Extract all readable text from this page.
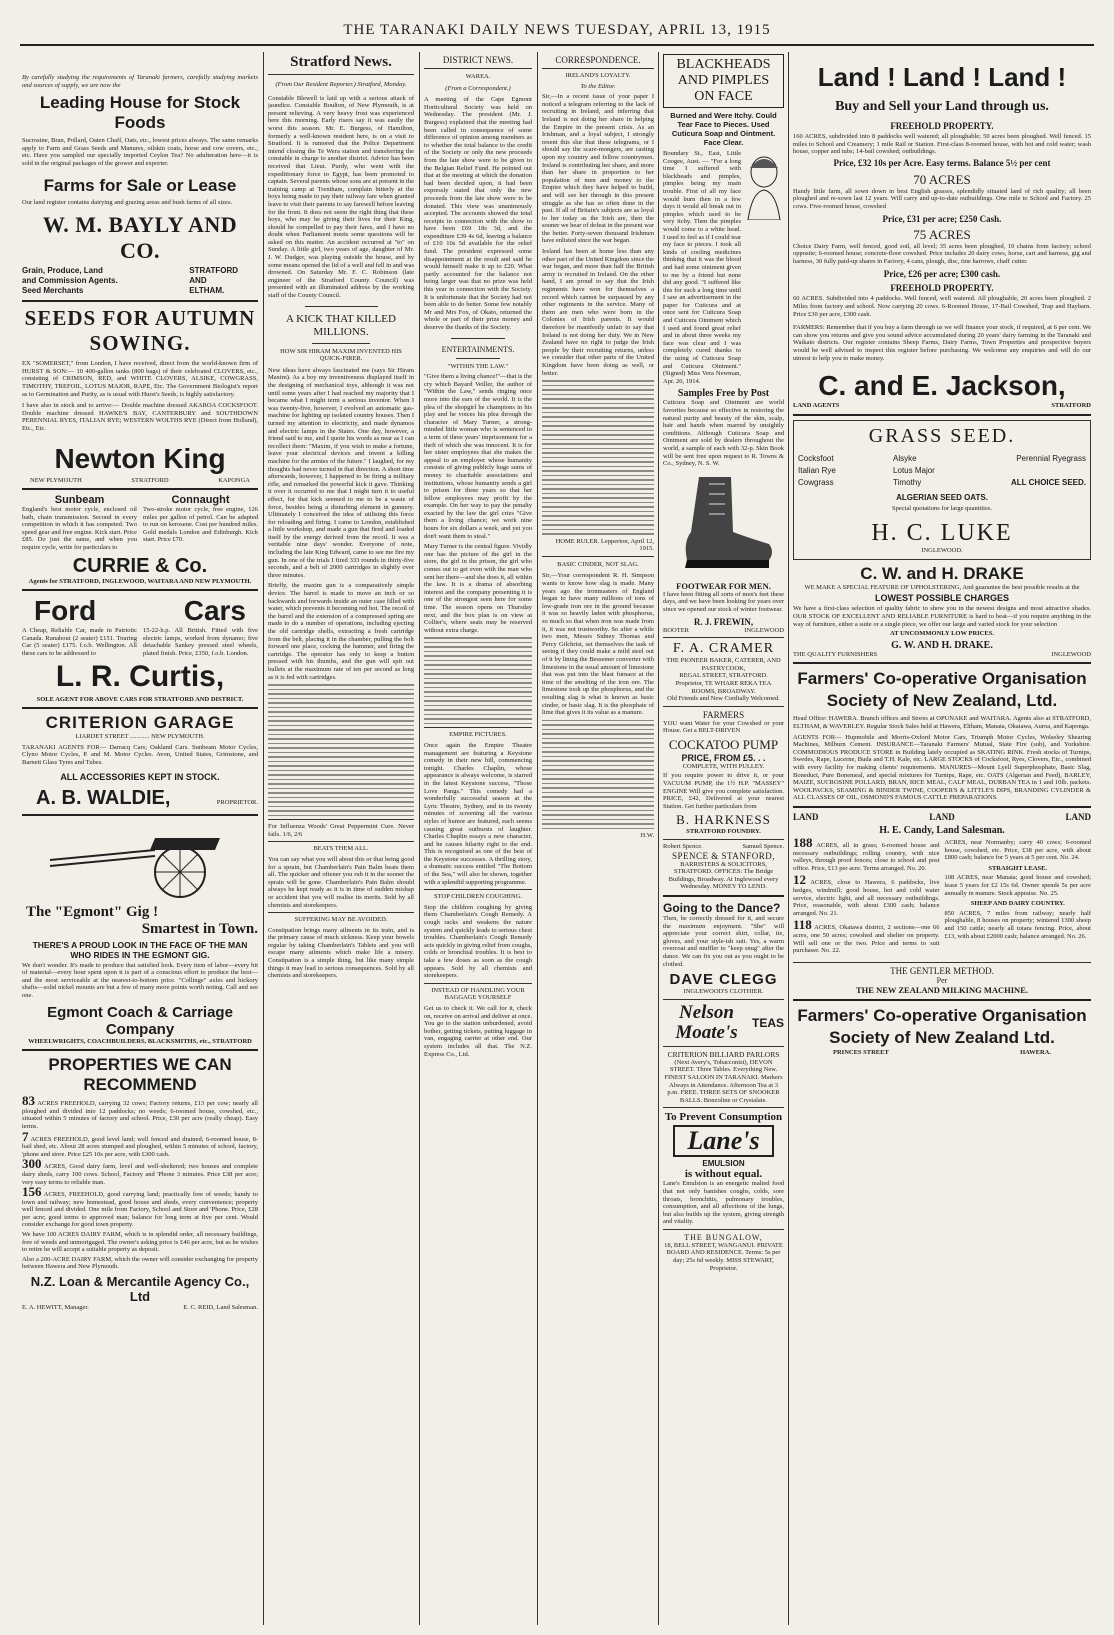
THE TARANAKI DAILY NEWS TUESDAY, APRIL 13, 1915
By carefully studying the requirements of Taranaki farmers, carefully studying markets and sources of supply, we are now the
Leading House for Stock Foods
Sucrosine, Bran, Pollard, Oaten Chaff, Oats, etc., lowest prices always. The same remarks apply to Farm and Grass Seeds and Manures, oilskin coats, horse and cow covers, etc., etc. Have you sampled our specially imported Ceylon Tea? No adulteration here—it is sold in the original packages of the grower and exporter.
Farms for Sale or Lease
Our land register contains dairying and grazing areas and bush farms of all sizes.
W. M. BAYLY AND CO.
Grain, Produce, Land
and Commission Agents.
Seed Merchants
STRATFORD
AND
ELTHAM.
SEEDS FOR AUTUMN SOWING.
EX "SOMERSET," from London, I have received, direct from the world-known firm of HURST & SON:— 10 400-gallon tanks (800 bags) of their celebrated CLOVERS, etc., consisting of CRIMSON, RED, and WHITE CLOVERS, ALSIKE, COWGRASS, TIMOTHY, TREFOIL, LOTUS MAJOR, RAPE, Etc. The Government Biologist's report as to Germination and Purity, as is usual with Hurst's Seeds, is highly satisfactory.
I have also in stock and to arrive:— Double machine dressed AKAROA COCKSFOOT. Double machine dressed HAWKE'S BAY, CANTERBURY and SOUTHDOWN PERENNIAL RYES, ITALIAN RYE; WESTERN WOLTHS RYE (Direct from Holland), Etc., Etc.
Newton King
NEW PLYMOUTH	STRATFORD	KAPONGA
Sunbeam
England's best motor cycle, enclosed oil bath, chain transmission. Second in every competition in which it has competed. Two speed gear and free engine. Kick start. Price £85. Do just the same, and when you require cycle, write for particulars to
Connaught
Two-stroke motor cycle, free engine, 126 miles per gallon of petrol. Can be adapted to run on kerosene. Cost per hundred miles. Gold medals London and Edinburgh. Kick start. Price £70.
CURRIE & Co.
Agents for STRATFORD, INGLEWOOD, WAITARA AND NEW PLYMOUTH.
Ford	Cars
A Cheap, Reliable Car, made in Patriotic Canada. Runabout (2 seater) £151. Touring Car (5 seater) £175. f.o.b. Wellington. All these cars to be addressed to
15-22-h.p. All British. Fitted with five electric lamps, worked from dynamo; five detachable Sankey pressed steel wheels, plated finish. Price, £350, f.o.b. London.
L. R. Curtis,
SOLE AGENT FOR ABOVE CARS FOR STRATFORD AND DISTRICT.
CRITERION GARAGE
LIARDET STREET ............ NEW PLYMOUTH.
TARANAKI AGENTS FOR— Darracq Cars; Oakland Cars. Sunbeam Motor Cycles, Clyno Motor Cycles, P. and M. Motor Cycles. Avon, United States, Grimstone, and Barnett Glass Tyres and Tubes.
ALL ACCESSORIES KEPT IN STOCK.
A. B. WALDIE,	PROPRIETOR.
The "Egmont" Gig !
Smartest in Town.
THERE'S A PROUD LOOK IN THE FACE OF THE MAN WHO RIDES IN THE EGMONT GIG.
We don't wonder. It's made to produce that satisfied look. Every item of labor—every bit of material—every hour spent upon it is part of a conscious effort to produce the best—and the most serviceable at the nearest-to-bottom price. "Collinge" axles and hickory shafts—solid nickel mounts are but a few of many more points worth noting. Call and see one.
Egmont Coach & Carriage Company
WHEELWRIGHTS, COACHBUILDERS, BLACKSMITHS, etc., STRATFORD
PROPERTIES WE CAN RECOMMEND
83 ACRES FREEHOLD, carrying 32 cows; Factory returns, £13 per cow; nearly all ploughed and divided into 12 paddocks; no weeds; 6-roomed house, cowshed, etc., situated within 5 minutes of factory and school. Price, £30 per acre (really cheap). Easy terms.
7 ACRES FREEHOLD, good level land; well fenced and drained; 6-roomed house, 8-bail shed, etc. About 28 acres stumped and ploughed, within 5 minutes of school, factory, 'phone and store. Price £25 10s per acre, with £300 cash.
300 ACRES, Good dairy farm, level and well-sheltered; two houses and complete dairy sheds, carry 100 cows. School, Factory and 'Phone 3 minutes. Price £38 per acre; very easy terms to reliable man.
156 ACRES, FREEHOLD, good carrying land; practically free of weeds; handy to town and railway; new homestead, good house and sheds, every convenience; property well fenced and divided. One mile from Factory, School and Store and 'Phone. Price, £28 per acre; good terms to approved man; balance for long term at five per cent. Would consider exchange for good town property.
We have 100 ACRES DAIRY FARM, which is in splendid order, all necessary buildings, free of weeds and unmortgaged. The owner's asking price is £46 per acre, but as he wishes to retire he will accept a suitable property as deposit.
Also a 200-ACRE DAIRY FARM, which the owner will consider exchanging for property between Hawera and New Plymouth.
N.Z. Loan & Mercantile Agency Co., Ltd
E. A. HEWITT, Manager.	E. C. REID, Land Salesman.
Stratford News.
(From Our Resident Reporter.) Stratford, Monday.
Constable Blewell is laid up with a serious attack of jaundice. Constable Boulton, of New Plymouth, is at present relieving. A very heavy frost was experienced here this morning. Early risers say it was easily the worst this season. Mr. E. Burgess, of Hamilton, formerly a well-known resident here, is on a visit to Stratford. It is rumored that the Police Department intend closing the Te Wera station and transferring the constable in charge to another district. Advice has been received that Lieut. Purdy, who went with the expeditionary force to Egypt, has been promoted to captain. Several parents whose sons are at present in the training camp at Trentham, complain bitterly at the boys being made to pay their railway fare when granted leave to visit their parents to say farewell before leaving for the front. It does not seem the right thing that these boys, who may be giving their lives for their King, should be compelled to pay their fares, and I have no doubt when Parliament meets some questions will be asked on this matter. An accident occurred at "to" on Sunday. A little girl, two years of age, daughter of Mr. J. W. Dudger, was playing outside the house, and by some means opened the lid of a well and fell in and was drowned. On Saturday Mr. F. C. Robinson (late engineer of the Stratford County Council) was presented with an illuminated address by the working staff of the County Council.
A KICK THAT KILLED MILLIONS.
HOW SIR HIRAM MAXIM INVENTED HIS QUICK-FIRER.
New ideas have always fascinated me (says Sir Hiram Maxim). As a boy my inventiveness displayed itself in the designing of mechanical toys, although it was not until some years after I had reached my majority that I became what I might term a serious inventor. When I was twenty-five, however, I evolved an automatic gas-machine for lighting up isolated country houses. Then I turned my attention to electricity, and made dynamos and electric lamps in the States. One day, however, a friend said to me, and I quote his words as near as I can recollect them: "Maxim, if you wish to make a fortune, leave your electrical devices and invent a killing machine for the armies of the future." I laughed, for my thoughts had never turned in that direction. A short time afterwards, however, I happened to be firing a military rifle, and remarked the powerful kick it gave. Thinking it over it occurred to me that I might turn it to useful effect, for that kick seemed to me to be a waste of force, besides being a disturbing element in gunnery. Ultimately I conceived the idea of utilising this force for reloading and firing. I came to London, established a little workshop, and made a gun that fired and loaded itself by the energy derived from the recoil. It was a veritable nine days' wonder. Everyone of note, including the late King Edward, came to see me fire my gun. In one of the trials I fired 333 rounds in thirty-five seconds, and a belt of 2000 cartridges in slightly over three minutes.
Briefly, the maxim gun is a comparatively simple device. The barrel is made to move an inch or so backwards and forwards inside an outer case filled with water, which prevents it becoming red hot. The recoil of the barrel and the extension of a compressed spring are made to do a number of operations, including ejecting the old cartridge shells, extracting a fresh cartridge from the belt, placing it in the chamber, pulling the bolt forward one place, cocking the hammer, and firing the cartridge. The operator has only to keep a button pressed with his thumbs, and the gun will spit out bullets at the maximum rate of ten per second as long as it is fed with cartridges.
For Influenza Woods' Great Peppermint Cure. Never fails. 1/6, 2/6
BEATS THEM ALL.
You can say what you will about this or that being good for a sprain, but Chamberlain's Pain Balm beats them all. The quicker and oftener you rub it in the sooner the sprain will be gone. Chamberlain's Pain Balm should always be kept ready as it is in time of sudden mishap or accident that you will realise its merits. Sold by all chemists and storekeepers.
SUFFERING MAY BE AVOIDED.
Constipation brings many ailments in its train, and is the primary cause of much sickness. Keep your bowels regular by taking Chamberlain's Tablets and you will escape many ailments which make life a misery. Constipation is a simple thing, but like many simple things it may lead to serious consequences. Sold by all chemists and storekeepers.
DISTRICT NEWS.
WAREA.
(From a Correspondent.)
A meeting of the Cape Egmont Horticultural Society was held on Wednesday. The president (Mr. J. Burgess) explained that the meeting had been called in consequence of some difference of opinion among members as to whether the total balance to the credit of the Society or only the new proceeds from the late show were to be given to the Belgian Relief Fund. He pointed out that at the meeting at which the donation had been decided upon, it had been expressly stated that only the new proceeds from the late show were to be donated. This view was unanimously accepted. The accounts showed the total receipts in connection with the show to have been £69 18s 3d, and the expenditure £39 4s 6d, leaving a balance of £10 10s 5d available for the relief fund. The president expressed some disappointment at the result and said he would himself make it up to £20. What partly accounted for the balance not being larger was that no prize was held this year in connection with the Society. It is unfortunate that the Society had not been able to do better. Some few notably Mr and Mrs Fox, of Okato, returned the whole or part of their prize money and deserve the thanks of the Society.
ENTERTAINMENTS.
"WITHIN THE LAW."
"Give them a living chance!"—that is the cry which Bayard Veiller, the author of "Within the Law," sends ringing once more into the ears of the world. It is the plea of the shopgirl he champions in his play and he voices his plea through the character of Mary Turner, a strong-minded little woman who is sentenced to a term of three years' imprisonment for a theft of which she was innocent. It is for her sister employees that she makes the appeal to an employer whose humanity consists of giving publicly huge sums of money to charitable associations and institutions, whose humanity sends a girl to prison for three years so that her fellow employees may profit by the example. On her way to pay the penalty exacted by the law the girl cries "Give them a living chance; we work nine hours for six dollars a week, and yet you don't want them to steal."
Mary Turner is the central figure. Vividly one has the picture of the girl in the store, the girl in the prison, the girl who comes out to get even with the man who sent her there—and she does it, all within the law. It is a drama of absorbing interest and the company presenting it is one of the strongest seen here for some time. The season opens on Thursday next, and the box plan is on view at Collier's, where seats may be reserved without extra charge.
EMPIRE PICTURES.
Once again the Empire Theatre management are featuring a Keystone comedy in their new bill, commencing tonight. Charles Chaplin, whose appearance is always welcome, is starred in the latest Keystone success, "Those Love Pangs." This comedy had a wonderfully successful season at the Lyric Theatre, Sydney, and in its twenty minutes of screening all the various styles of humor are featured, each seems causing great outbursts of laughter. Charles Chaplin essays a new character, and he causes hilarity right to the end. This is recognised as one of the best of the Keystone successes. A thrilling story, a dramatic success entitled "The Bottom of the Sea," will also be shown, together with a splendid supporting programme.
STOP CHILDREN COUGHING.
Stop the children coughing by giving them Chamberlain's Cough Remedy. A cough racks and weakens the nature system and quickly leads to serious chest troubles. Chamberlain's Cough Remedy acts quickly in giving relief from coughs, colds or bronchial troubles. It is best to take a few doses as soon as the cough appears. Sold by all chemists and storekeepers.
INSTEAD OF HANDLING YOUR BAGGAGE YOURSELF
Get us to check it. We call for it, check on, receive on arrival and deliver at once. You go to the station unburdened, avoid bother, getting tickets, putting luggage in van, engaging carrier at other end. Our system includes all that. The N.Z. Express Co., Ltd.
CORRESPONDENCE.
IRELAND'S LOYALTY.
To the Editor.
Sir,—In a recent issue of your paper I noticed a telegram referring to the lack of recruiting in Ireland, and inferring that Ireland is not doing her share in helping the Empire in the present crisis. As an Irishman, and a loyal subject, I strongly resent this slur that these telegrams, or I should say the scare-mongers, are casting upon my country and fellow countrymen. Ireland is contributing her share, and more than her share in proportion to her population of men and money to the Empire which they have helped to build, and will see her through in this present struggle as she has so often done in the past. If all of Britain's subjects are as loyal to her today as the Irish are, then the sooner we hear of defeat in the present war the better. Forty-seven thousand Irishmen have enlisted since the war began.
Ireland has been at home less than any other part of the United Kingdom since the war began, and more than half the British army is recruited in Ireland. On the other hand, I am proud to say that the Irish regiments have won for themselves a record which cannot be surpassed by any other regiments in the service. Many of them are men who were born in the Colonies of Irish parents. It would therefore be manifestly unfair to say that Ireland is not doing her duty. We in New Zealand have no right to judge the Irish people by their recruiting returns, unless we consider that other parts of the United Kingdom have been doing as well, or better.
HOME RULER. Lepperton, April 12, 1915.
BASIC CINDER, NOT SLAG.
Sir,—Your correspondent R. H. Simpson wants to know how slag is made. Many years ago the ironmasters of England began to have many millions of tons of low-grade iron ore in the ground because it was so heavily laden with phosphorus, so much so that when iron was made from it, it was not trustworthy. So after a while two men, Messrs Sidney Thomas and Percy Gilchrist, set themselves the task of seeing if they could make a mild steel out of it by lining the Bessemer converter with limestone in the usual amount of limestone that was put into the blast furnace at the time of the smelting of the iron ore. The limestone took up the phosphorus, and the resulting slag is what is known as basic cinder, or basic slag. It is the phosphate of lime that gives it its value as a manure.
H.W.
BLACKHEADS AND PIMPLES ON FACE
Burned and Were Itchy. Could Tear Face to Pieces. Used Cuticura Soap and Ointment. Face Clear.
Boundary St., East, Little Coogee, Aust. — "For a long time I suffered with blackheads and pimples, pimples being my main trouble. First of all my face would burn then in a few days it would all break out in pimples which used to be very itchy. Then the pimples would come to a white head. I used to feel as if I could tear my face to pieces. I took all kinds of cooling medicines thinking that it was the blood and had some ointment given to me by a friend but none did any good. "I suffered like this for such a long time until I saw an advertisement in the paper for Cuticura and at once sent for Cuticura Soap and Cuticura Ointment which I used and found great relief and in about three weeks my face was clear and I was completely cured thanks to the using of Cuticura Soap and Cuticura Ointment." (Signed) Miss Vera Newman, Apr. 20, 1914.
Samples Free by Post
Cuticura Soap and Ointment are world favorites because so effective in restoring the natural purity and beauty of the skin, scalp, hair and hands when marred by unsightly conditions. Although Cuticura Soap and Ointment are sold by dealers throughout the world, a sample of each with 32-p. Skin Book will be sent free upon request to R. Towns & Co., Sydney, N. S. W.
FOOTWEAR FOR MEN.
I have been fitting all sorts of men's feet these days, and we have been looking for years over since we opened our stock of winter footwear.
R. J. FREWIN,
BOOTER	INGLEWOOD
F. A. CRAMER
THE PIONEER BAKER, CATERER, AND PASTRYCOOK,
REGAL STREET, STRATFORD.
Proprietor, TE WHARE REKA TEA ROOMS, BROADWAY.
Old Friends and New Cordially Welcomed.
FARMERS
YOU want Water for your Cowshed or your House. Get a BELT-DRIVEN
COCKATOO PUMP
PRICE, FROM £5. . .
COMPLETE, WITH PULLEY.
If you require power to drive it, or your VACUUM PUMP, the 1½ H.P. "MASSEY" ENGINE Will give you complete satisfaction. PRICE, £42, Delivered at your nearest Station. Get further particulars from
B. HARKNESS
STRATFORD FOUNDRY.
Robert Spence.	Samuel Spence.
SPENCE & STANFORD,
BARRISTERS & SOLICITORS, STRATFORD. OFFICES: The Bridge Buildings, Broadway. At Inglewood every Wednesday. MONEY TO LEND.
Going to the Dance?
Then, be correctly dressed for it, and secure the maximum enjoyment. "She" will appreciate your correct shirt, collar, tie, gloves, and your style-ish suit. Yes, a warm overcoat and muffler to "keep snug" after the dance. We can fix you out as you ought to be clothed.
DAVE CLEGG
INGLEWOOD'S CLOTHIER.
Nelson Moate's	TEAS
CRITERION BILLIARD PARLORS
(Next Avery's, Tobacconist), DEVON STREET. Three Tables. Everything New. FINEST SALOON IN TARANAKI. Markers Always in Attendance. Afternoon Tea at 3 p.m. FREE. THREE SETS OF SNOOKER BALLS. Bonzoline or Crystalate.
To Prevent Consumption
Lane's
EMULSION
is without equal.
Lane's Emulsion is an energetic malted food that not only banishes coughs, colds, sore throats, bronchitis, pulmonary troubles, consumption, and all affections of the lungs, but also builds up the system, giving strength and vitality.
THE BUNGALOW,
18, BELL STREET, WANGANUI. PRIVATE BOARD AND RESIDENCE. Terms: 5s per day; 25s 6d weekly. MISS STEWART, Proprietor.
Land ! Land ! Land !
Buy and Sell your Land through us.
FREEHOLD PROPERTY.
160 ACRES, subdivided into 8 paddocks well watered; all ploughable; 50 acres been ploughed. Well fenced. 15 miles to School and Creamery; 1 mile Rail or Station. First-class 8-roomed house, with hot and cold water; wash house, copper and tubs; 14-bail cowshed; outbuildings.
Price, £32 10s per Acre. Easy terms. Balance 5½ per cent
70 ACRES
Handy little farm, all sown down in best English grasses, splendidly situated land of rich quality; all been ploughed and re-sown last 12 years. Will carry and up-to-date outbuildings. One mile to School and Factory. 25 cows. Five-roomed house, cowshed
Price, £31 per acre; £250 Cash.
75 ACRES
Choice Dairy Farm, well fenced, good soil, all level; 35 acres been ploughed, 10 chains from factory; school opposite; 6-roomed house; concrete-floor cowshed. Price includes 20 dairy cows, horse, cart and harness, gig and harness, 30 fully paid-up shares in Factory, 4 cans, plough, disc, tine harrows, chaff cutter.
Price, £26 per acre; £300 cash.
FREEHOLD PROPERTY.
60 ACRES. Subdivided into 4 paddocks. Well fenced, well watered. All ploughable, 20 acres been ploughed. 2 Miles from factory and school. Now carrying 20 cows. 6-Roomed House, 17-Bail Cowshed, Trap and Haybarn. Price £30 per acre, £300 cash.
FARMERS: Remember that if you buy a farm through us we will finance your stock, if required, at 6 per cent. We can show you returns and give you sound advice accumulated during 20 years' dairy farming in the Taranaki and Waikato districts. Our register contains Sheep Farms, Dairy Farms, Town Properties and prospective buyers would be well advised to inspect this register before purchasing. We welcome any enquiries and will do our utmost to help you to make money.
C. and E. Jackson,
LAND AGENTS	STRATFORD
GRASS SEED.
Cocksfoot	Alsyke	Perennial Ryegrass
Italian Rye	Lotus Major
Cowgrass	Timothy	ALL CHOICE SEED.
ALGERIAN SEED OATS.
Special quotations for large quantities.
H. C. LUKE
INGLEWOOD.
C. W. and H. DRAKE
WE MAKE A SPECIAL FEATURE OF UPHOLSTERING, And guarantee the best possible results at the
LOWEST POSSIBLE CHARGES
We have a first-class selection of quality fabric to show you in the newest designs and most attractive shades. OUR STOCK OF EXCELLENT AND RELIABLE FURNITURE is hard to beat—if you require anything in the way of furniture, either a suite or a single piece, we offer our large and varied stock for your selection
AT UNCOMMONLY LOW PRICES.
G. W. AND H. DRAKE.
THE QUALITY FURNISHERS	INGLEWOOD
Farmers' Co-operative Organisation Society of New Zealand, Ltd.
Head Office: HAWERA. Branch offices and Stores at OPUNAKE and WAITARA. Agents also at STRATFORD, ELTHAM, & WAVERLEY. Regular Stock Sales held at Hawera, Eltham, Manaia, Okaiawa, Auroa, and Kaponga.
AGENTS FOR— Hupmobile and Morris-Oxford Motor Cars, Triumph Motor Cycles, Wolseley Shearing Machines, Milburn Cement. INSURANCE—Taranaki Farmers' Mutual, State Fire (sub), and Yorkshire. COMMODIOUS PRODUCE STORE in Building lately occupied as SKATING RINK. Fresh stocks of Turnips, Swedes, Rape, Lucerne, Buda and T.H. Kale, etc. LARGE STOCKS of Cocksfoot, Ryes, Clovers, Etc., combined with every facility for making clients' requirements. MANURES—Mount Lyell Superphosphate, Basic Slag, Boneduct, Pure Bonemeal, and special mixtures for Turnips, Rape, etc. OATS (Algerian and Feed), BARLEY, MAIZE, SUCROSINE POLLARD, BRAN, RICE MEAL, CALF MEAL, DURBAN TEA in 1 and 10lb. packets. WOOLPACKS, SEAMING & BINDER TWINE, COOPER'S & LITTLE'S DIPS, BRANDING CYLINDER & ALL CLASSES OF OIL, OSMOND'S FAMOUS CATTLE PREPARATIONS.
LAND	LAND	LAND
H. E. Candy, Land Salesman.
188 ACRES, all in grass; 6-roomed house and necessary outbuildings; rolling country, with nice valleys, through proof fences; close to school and post office. Price, £13 per acre. Terms arranged. No. 20.
12 ACRES, close to Hawera, 6 paddocks, live hedges, windmill; good house, hot and cold water service, electric light, and all necessary outbuildings. Price, reasonable, with about £300 cash; balance arranged. No. 21.
118 ACRES, Okaiawa district, 2 sections—one 66 acres, one 50 acres; cowshed and shelter on property. Will sell one or the two. Price and terms to suit purchaser. No. 22.
ACRES, near Normanby; carry 40 cows; 6-roomed house, cowshed, etc. Price, £38 per acre, with about £800 cash; balance for 5 years at 5 per cent. No. 24.
STRAIGHT LEASE.
108 ACRES, near Manaia; good house and cowshed; lease 5 years for £2 15s 6d. Owner spends 5s per acre annually in manure. Stock appraise. No. 25.
SHEEP AND DAIRY COUNTRY.
850 ACRES, 7 miles from railway; nearly half ploughable, 8 houses on property; wintered 1300 sheep and 150 cattle; nearly all totara fencing. Price, about £13, with about £2000 cash; balance arranged. No. 26.
THE GENTLER METHOD.
Per
THE NEW ZEALAND MILKING MACHINE.
Farmers' Co-operative Organisation Society of New Zealand Ltd.
PRINCES STREET	HAWERA.
